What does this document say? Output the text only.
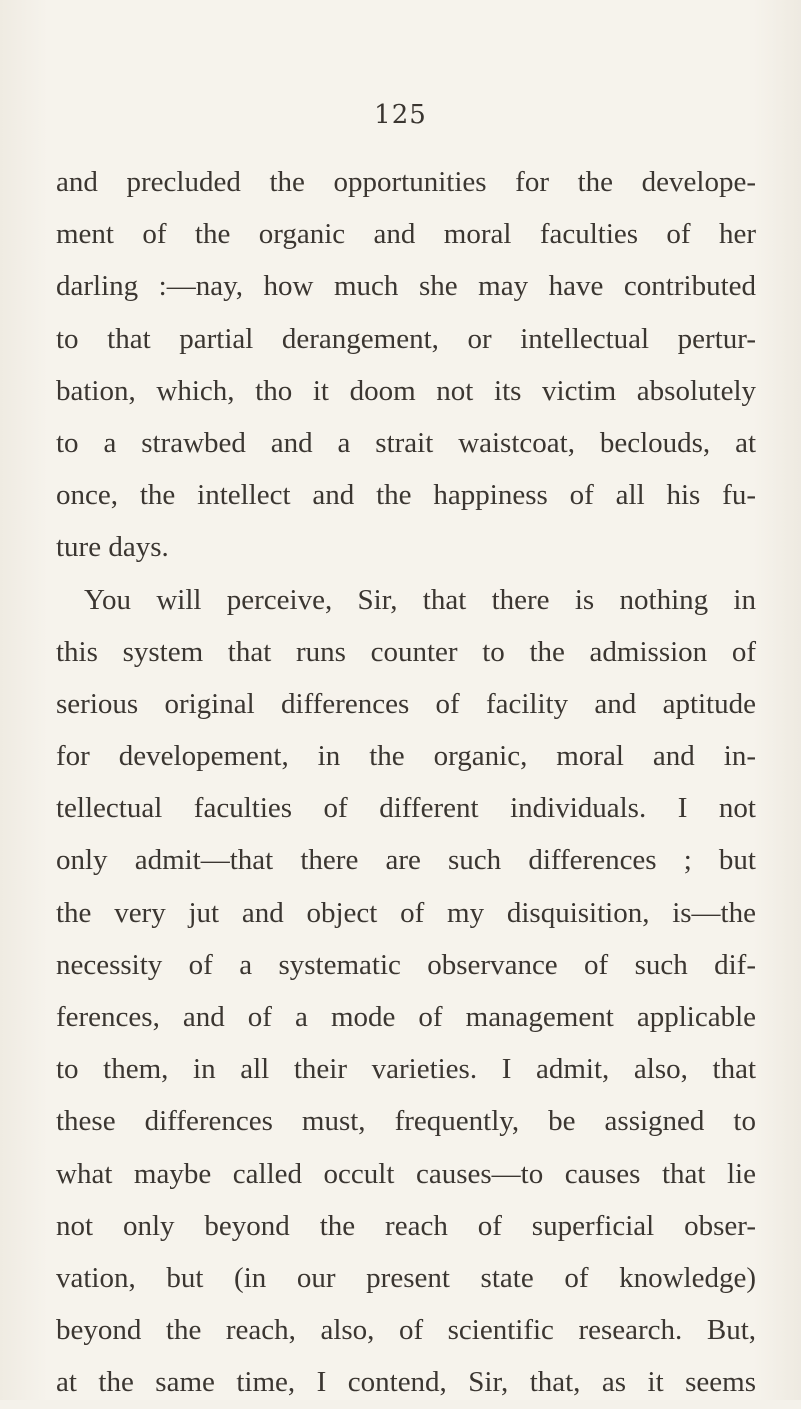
125
and precluded the opportunities for the develope-
ment of the organic and moral faculties of her
darling :—nay, how much she may have contributed
to that partial derangement, or intellectual pertur-
bation, which, tho it doom not its victim absolutely
to a strawbed and a strait waistcoat, beclouds, at
once, the intellect and the happiness of all his fu-
ture days.
You will perceive, Sir, that there is nothing in
this system that runs counter to the admission of
serious original differences of facility and aptitude
for developement, in the organic, moral and in-
tellectual faculties of different individuals. I not
only admit—that there are such differences ; but
the very jut and object of my disquisition, is—the
necessity of a systematic observance of such dif-
ferences, and of a mode of management applicable
to them, in all their varieties. I admit, also, that
these differences must, frequently, be assigned to
what maybe called occult causes—to causes that lie
not only beyond the reach of superficial obser-
vation, but (in our present state of knowledge)
beyond the reach, also, of scientific research. But,
at the same time, I contend, Sir, that, as it seems
